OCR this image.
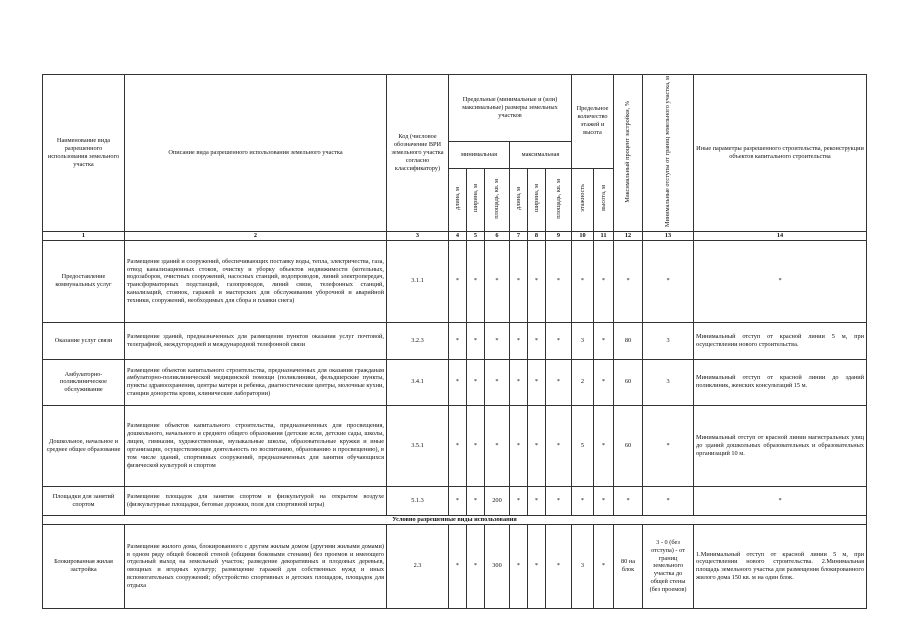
Наименование вида разрешенного использования земельного участка	Описание вида разрешенного использования земельного участка	Код (числовое обозначение ВРИ земельного участка согласно классификатору)	Предельные (минимальные и (или) максимальные) размеры земельных участков						Предельное количество этажей и высота		Максимальный процент застройки, %	Минимальные отступы от границ земельного участка, м	Иные параметры разрешенного строительства, реконструкции объектов капитального строительства
			минимальная			максимальная							
			длина, м	ширина, м	площадь, кв. м	длина, м	ширина, м	площадь, кв. м	этажность	высота, м			
1	2	3	4	5	6	7	8	9	10	11	12	13	14
Предоставление коммунальных услуг	Размещение зданий и сооружений, обеспечивающих поставку воды, тепла, электричества, газа, отвод канализационных стоков, очистку и уборку объектов недвижимости (котельных, водозаборов, очистных сооружений, насосных станций, водопроводов, линий электропередач, трансформаторных подстанций, газопроводов, линий связи, телефонных станций, канализаций, стоянок, гаражей и мастерских для обслуживания уборочной и аварийной техники, сооружений, необходимых для сбора и плавки снега)	3.1.1	*	*	*	*	*	*	*	*	*	*	*
Оказание услуг связи	Размещение зданий, предназначенных для размещения пунктов оказания услуг почтовой, телеграфной, междугородней и международной телефонной связи	3.2.3	*	*	*	*	*	*	3	*	80	3	Минимальный отступ от красной линии 5 м, при осуществлении нового строительства.
Амбулаторно-поликлиническое обслуживание	Размещение объектов капитального строительства, предназначенных для оказания гражданам амбулаторно-поликлинической медицинской помощи (поликлиники, фельдшерские пункты, пункты здравоохранения, центры матери и ребенка, диагностические центры, молочные кухни, станции донорства крови, клинические лаборатории)	3.4.1	*	*	*	*	*	*	2	*	60	3	Минимальный отступ от красной линии до зданий поликлиник, женских консультаций 15 м.
Дошкольное, начальное и среднее общее образование	Размещение объектов капитального строительства, предназначенных для просвещения, дошкольного, начального и среднего общего образования (детские ясли, детские сады, школы, лицеи, гимназии, художественные, музыкальные школы, образовательные кружки и иные организации, осуществляющие деятельность по воспитанию, образованию и просвещению), в том числе зданий, спортивных сооружений, предназначенных для занятия обучающихся физической культурой и спортом	3.5.1	*	*	*	*	*	*	5	*	60	*	Минимальный отступ от красной линии магистральных улиц до зданий дошкольных образовательных и образовательных организаций 10 м.
Площадки для занятий спортом	Размещение площадок для занятия спортом и физкультурой на открытом воздухе (физкультурные площадки, беговые дорожки, поля для спортивной игры)	5.1.3	*	*	200	*	*	*	*	*	*	*	*
Условно разрешенные виды использования													
Блокированная жилая застройка	Размещение жилого дома, блокированного с другим жилым домом (другими жилыми домами) в одном ряду общей боковой стеной (общими боковыми стенами) без проемов и имеющего отдельный выход на земельный участок; разведение декоративных и плодовых деревьев, овощных и ягодных культур; размещение гаражей для собственных нужд и иных вспомогательных сооружений; обустройство спортивных и детских площадок, площадок для отдыха	2.3	*	*	300	*	*	*	3	*	80 на блок	3 - 0 (без отступа) - от границ земельного участка до общей стены (без проемов)	1.Минимальный отступ от красной линии 5 м, при осуществлении нового строительства. 2.Минимальная площадь земельного участка для размещения блокированного жилого дома 150 кв. м на один блок.
